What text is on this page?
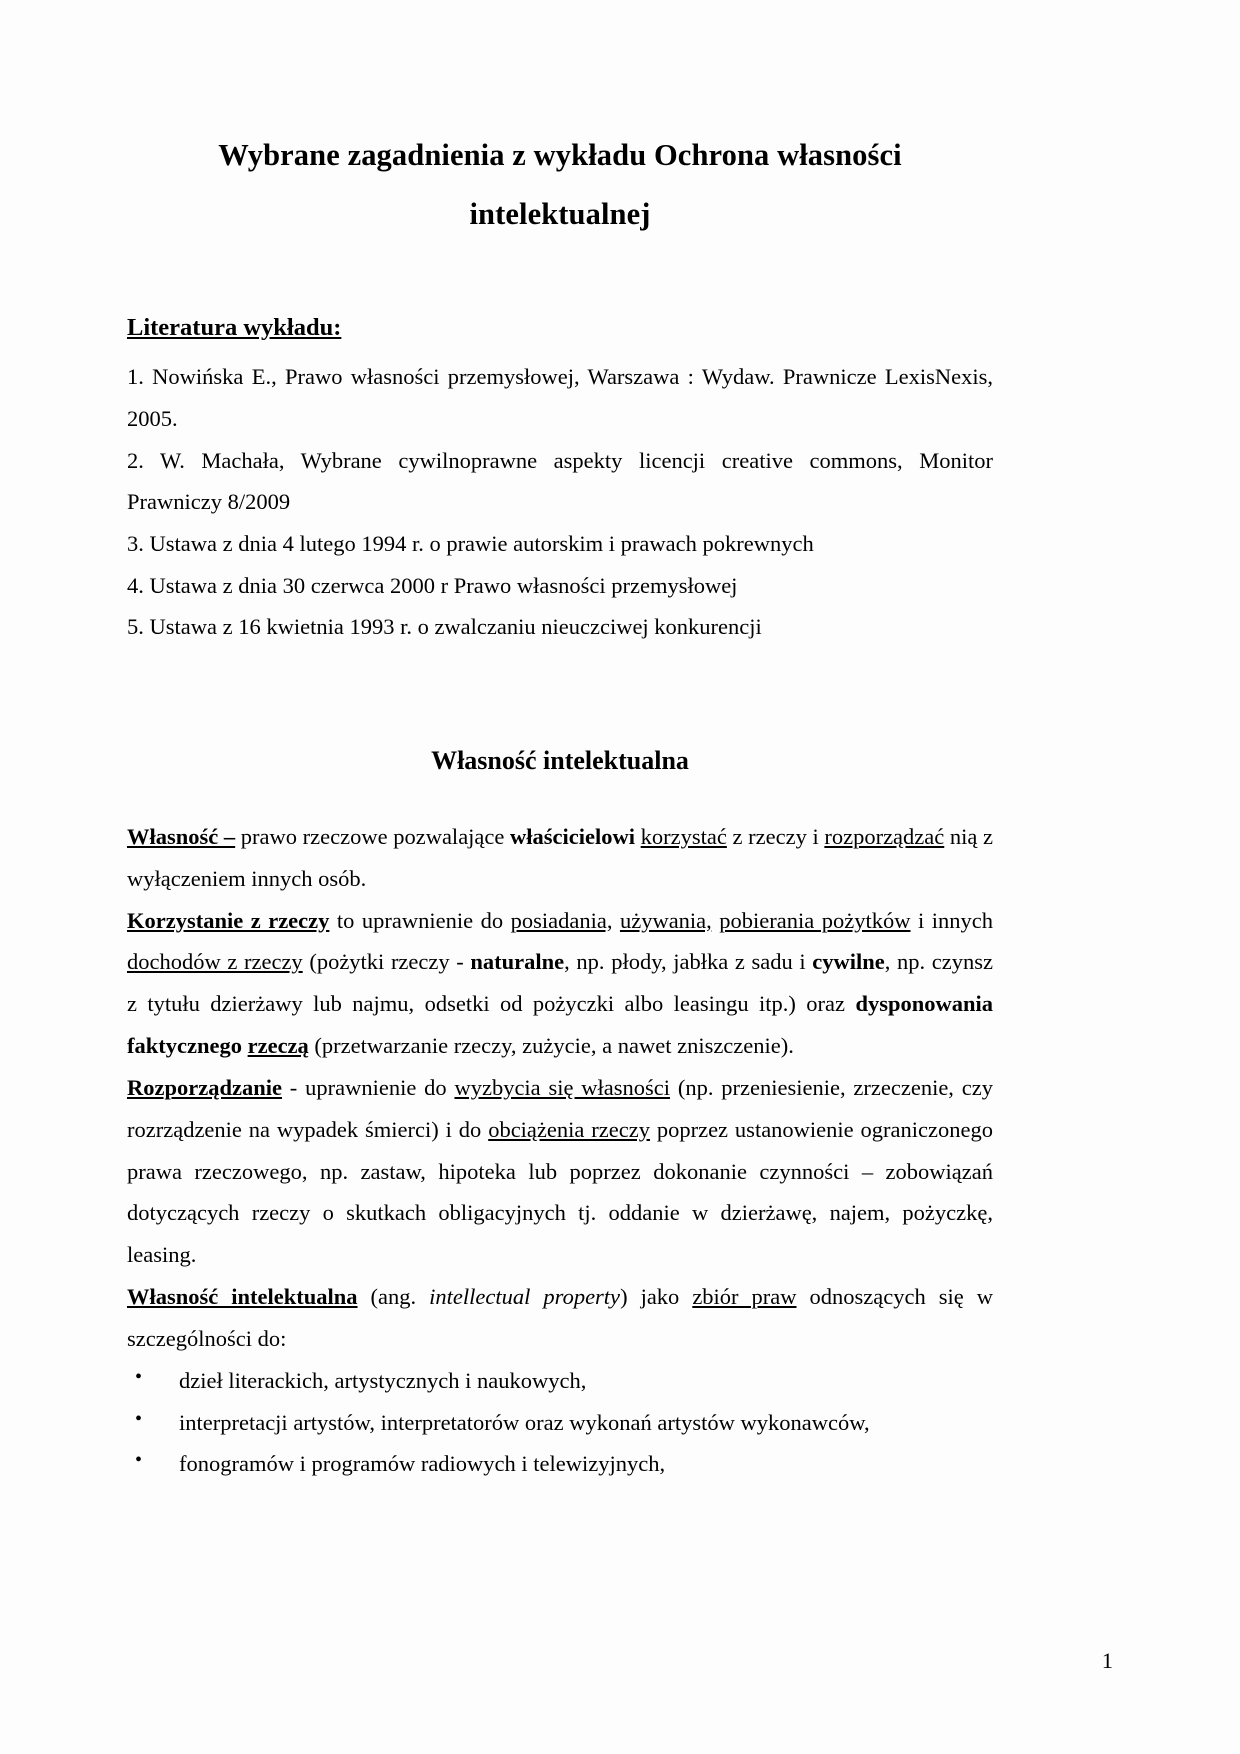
Wybrane zagadnienia z wykładu Ochrona własności intelektualnej
Literatura wykładu:

1. Nowińska E., Prawo własności przemysłowej, Warszawa : Wydaw. Prawnicze LexisNexis, 2005.

2. W. Machała, Wybrane cywilnoprawne aspekty licencji creative commons, Monitor Prawniczy 8/2009

3. Ustawa z dnia 4 lutego 1994 r. o prawie autorskim i prawach pokrewnych

4. Ustawa z dnia 30 czerwca 2000 r Prawo własności przemysłowej

5. Ustawa z 16 kwietnia 1993 r. o zwalczaniu nieuczciwej konkurencji

Własność intelektualna

Własność – prawo rzeczowe pozwalające właścicielowi korzystać z rzeczy i rozporządzać nią z wyłączeniem innych osób.

Korzystanie z rzeczy to uprawnienie do posiadania, używania, pobierania pożytków i innych dochodów z rzeczy (pożytki rzeczy - naturalne, np. płody, jabłka z sadu i cywilne, np. czynsz z tytułu dzierżawy lub najmu, odsetki od pożyczki albo leasingu itp.) oraz dysponowania faktycznego rzeczą (przetwarzanie rzeczy, zużycie, a nawet zniszczenie).

Rozporządzanie - uprawnienie do wyzbycia się własności (np. przeniesienie, zrzeczenie, czy rozrządzenie na wypadek śmierci) i do obciążenia rzeczy poprzez ustanowienie ograniczonego prawa rzeczowego, np. zastaw, hipoteka lub poprzez dokonanie czynności – zobowiązań dotyczących rzeczy o skutkach obligacyjnych tj. oddanie w dzierżawę, najem, pożyczkę, leasing.

Własność intelektualna (ang. intellectual property) jako zbiór praw odnoszących się w szczególności do:

• dzieł literackich, artystycznych i naukowych,
• interpretacji artystów, interpretatorów oraz wykonań artystów wykonawców,
• fonogramów i programów radiowych i telewizyjnych,
1
